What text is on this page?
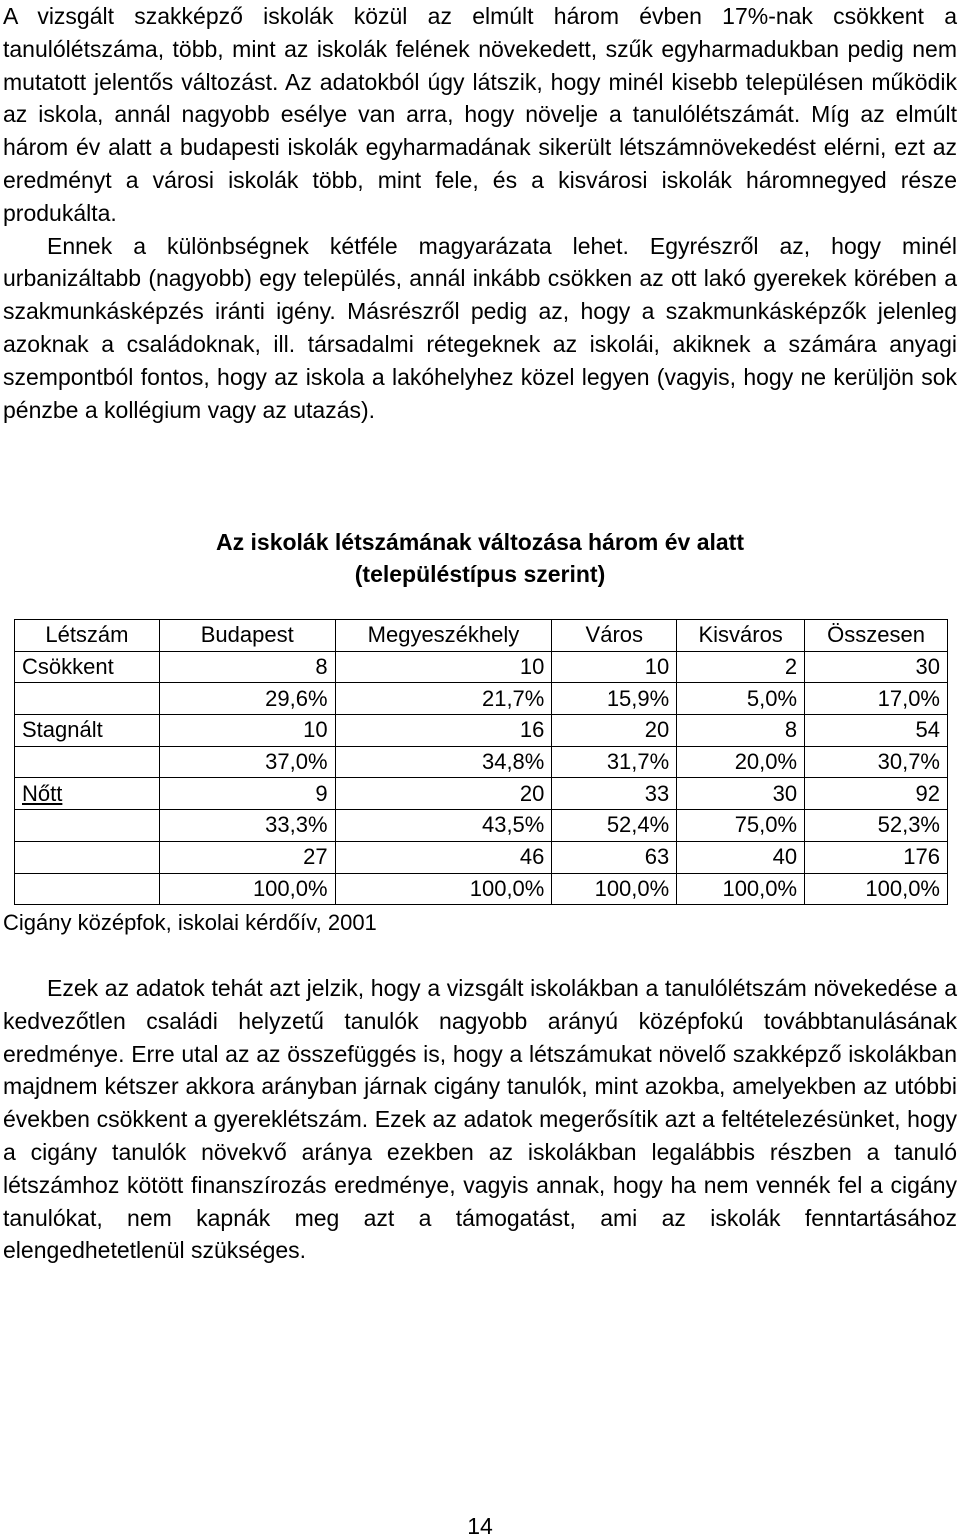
A vizsgált szakképző iskolák közül az elmúlt három évben 17%-nak csökkent a tanulólétszáma, több, mint az iskolák felének növekedett, szűk egyharmadukban pedig nem mutatott jelentős változást. Az adatokból úgy látszik, hogy minél kisebb településen működik az iskola, annál nagyobb esélye van arra, hogy növelje a tanulólétszámát. Míg az elmúlt három év alatt a budapesti iskolák egyharmadának sikerült létszámnövekedést elérni, ezt az eredményt a városi iskolák több, mint fele, és a kisvárosi iskolák háromnegyed része produkálta.
Ennek a különbségnek kétféle magyarázata lehet. Egyrészről az, hogy minél urbanizáltabb (nagyobb) egy település, annál inkább csökken az ott lakó gyerekek körében a szakmunkásképzés iránti igény. Másrészről pedig az, hogy a szakmunkásképzők jelenleg azoknak a családoknak, ill. társadalmi rétegeknek az iskolái, akiknek a számára anyagi szempontból fontos, hogy az iskola a lakóhelyhez közel legyen (vagyis, hogy ne kerüljön sok pénzbe a kollégium vagy az utazás).
Az iskolák létszámának változása három év alatt
(településtípus szerint)
Létszám	Budapest	Megyeszékhely	Város	Kisváros	Összesen
Csökkent	8	10	10	2	30
	29,6%	21,7%	15,9%	5,0%	17,0%
Stagnált	10	16	20	8	54
	37,0%	34,8%	31,7%	20,0%	30,7%
Nőtt	9	20	33	30	92
	33,3%	43,5%	52,4%	75,0%	52,3%
	27	46	63	40	176
	100,0%	100,0%	100,0%	100,0%	100,0%
Cigány középfok, iskolai kérdőív, 2001
Ezek az adatok tehát azt jelzik, hogy a vizsgált iskolákban a tanulólétszám növekedése a kedvezőtlen családi helyzetű tanulók nagyobb arányú középfokú továbbtanulásának eredménye. Erre utal az az összefüggés is, hogy a létszámukat növelő szakképző iskolákban majdnem kétszer akkora arányban járnak cigány tanulók, mint azokba, amelyekben az utóbbi években csökkent a gyereklétszám. Ezek az adatok megerősítik azt a feltételezésünket, hogy a cigány tanulók növekvő aránya ezekben az iskolákban legalábbis részben a tanuló létszámhoz kötött finanszírozás eredménye, vagyis annak, hogy ha nem vennék fel a cigány tanulókat, nem kapnák meg azt a támogatást, ami az iskolák fenntartásához elengedhetetlenül szükséges.
14
